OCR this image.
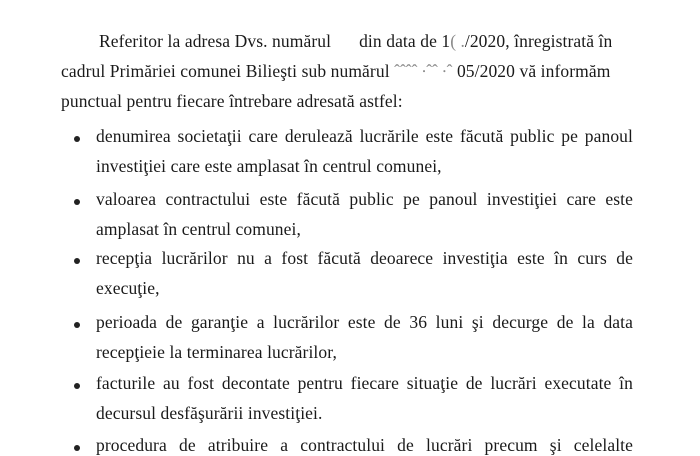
Referitor la adresa Dvs. numărul din data de 1( ./2020, înregistrată în
cadrul Primăriei comunei Bilieşti sub numărul ˆˆˆˆ ∙ˆˆ ∙ˆ 05/2020 vă informăm
punctual pentru fiecare întrebare adresată astfel:
denumirea societaţii care derulează lucrările este făcută public pe panoul
investiţiei care este amplasat în centrul comunei,
valoarea contractului este făcută public pe panoul investiţiei care este
amplasat în centrul comunei,
recepţia lucrărilor nu a fost făcută deoarece investiţia este în curs de
execuţie,
perioada de garanţie a lucrărilor este de 36 luni şi decurge de la data
recepţieie la terminarea lucrărilor,
facturile au fost decontate pentru fiecare situaţie de lucrări executate în
decursul desfăşurării investiţiei.
procedura de atribuire a contractului de lucrări precum şi celelalte
